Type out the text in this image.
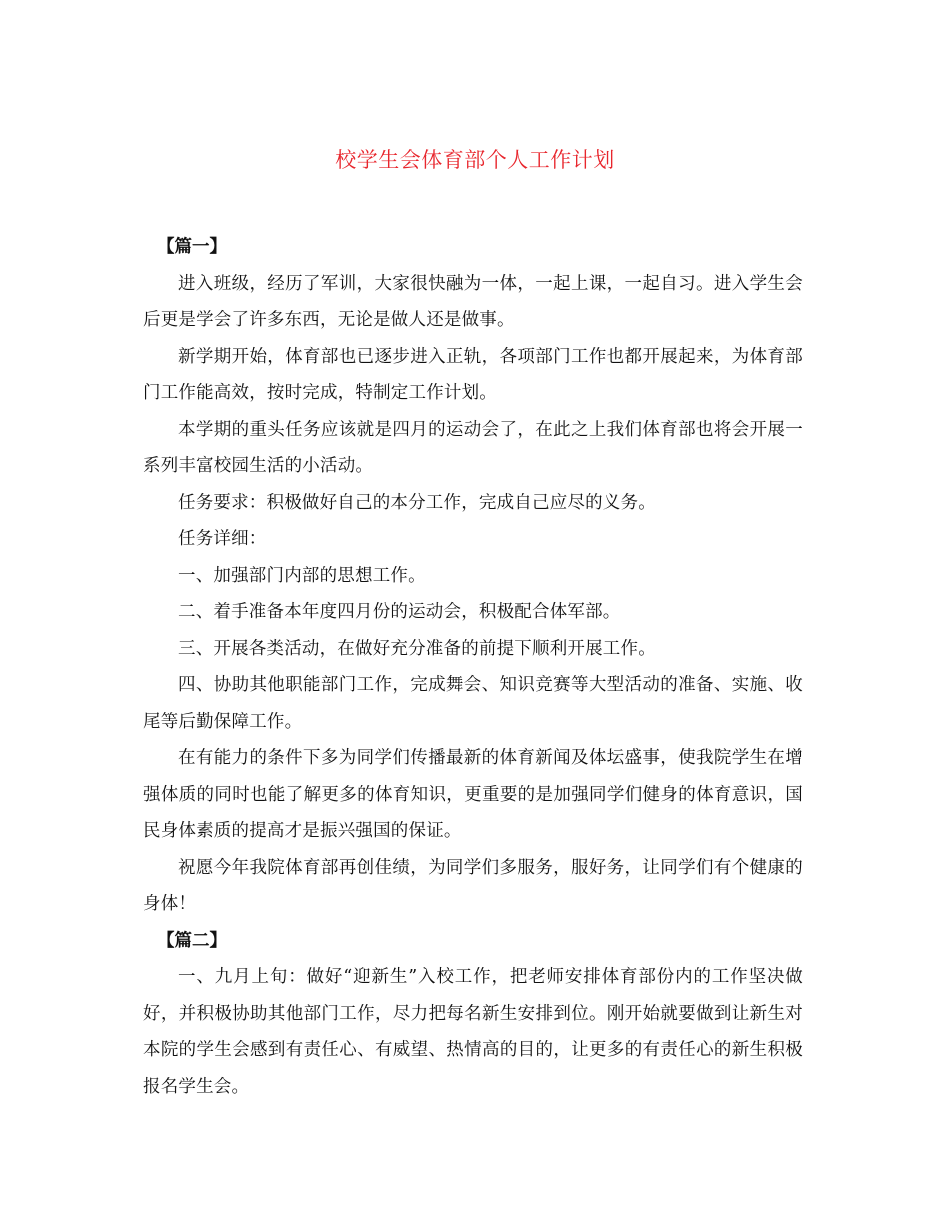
校学生会体育部个人工作计划

【篇一】

进入班级，经历了军训，大家很快融为一体，一起上课，一起自习。进入学生会后更是学会了许多东西，无论是做人还是做事。

新学期开始，体育部也已逐步进入正轨，各项部门工作也都开展起来，为体育部门工作能高效，按时完成，特制定工作计划。

本学期的重头任务应该就是四月的运动会了，在此之上我们体育部也将会开展一系列丰富校园生活的小活动。

任务要求：积极做好自己的本分工作，完成自己应尽的义务。

任务详细：

一、加强部门内部的思想工作。

二、着手准备本年度四月份的运动会，积极配合体军部。

三、开展各类活动，在做好充分准备的前提下顺利开展工作。

四、协助其他职能部门工作，完成舞会、知识竞赛等大型活动的准备、实施、收尾等后勤保障工作。

在有能力的条件下多为同学们传播最新的体育新闻及体坛盛事，使我院学生在增强体质的同时也能了解更多的体育知识，更重要的是加强同学们健身的体育意识，国民身体素质的提高才是振兴强国的保证。

祝愿今年我院体育部再创佳绩，为同学们多服务，服好务，让同学们有个健康的身体！

【篇二】

一、九月上旬：做好“迎新生”入校工作，把老师安排体育部份内的工作坚决做好，并积极协助其他部门工作，尽力把每名新生安排到位。刚开始就要做到让新生对本院的学生会感到有责任心、有威望、热情高的目的，让更多的有责任心的新生积极报名学生会。
